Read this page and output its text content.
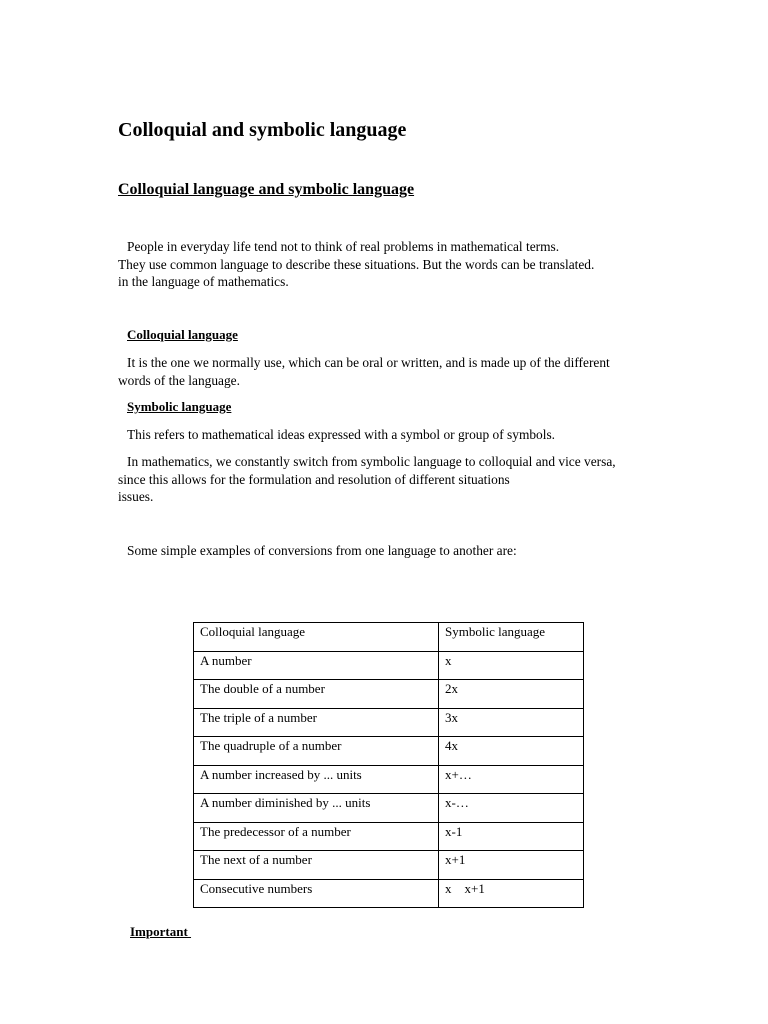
Colloquial and symbolic language
Colloquial language and symbolic language

People in everyday life tend not to think of real problems in mathematical terms.
They use common language to describe these situations. But the words can be translated.
in the language of mathematics.

Colloquial language

It is the one we normally use, which can be oral or written, and is made up of the different
words of the language.

Symbolic language

This refers to mathematical ideas expressed with a symbol or group of symbols.

In mathematics, we constantly switch from symbolic language to colloquial and vice versa,
since this allows for the formulation and resolution of different situations
issues.

Some simple examples of conversions from one language to another are:

Colloquial language	Symbolic language
A number	x
The double of a number	2x
The triple of a number	3x
The quadruple of a number	4x
A number increased by ... units	x+…
A number diminished by ... units	x-…
The predecessor of a number	x-1
The next of a number	x+1
Consecutive numbers	x    x+1
Important
